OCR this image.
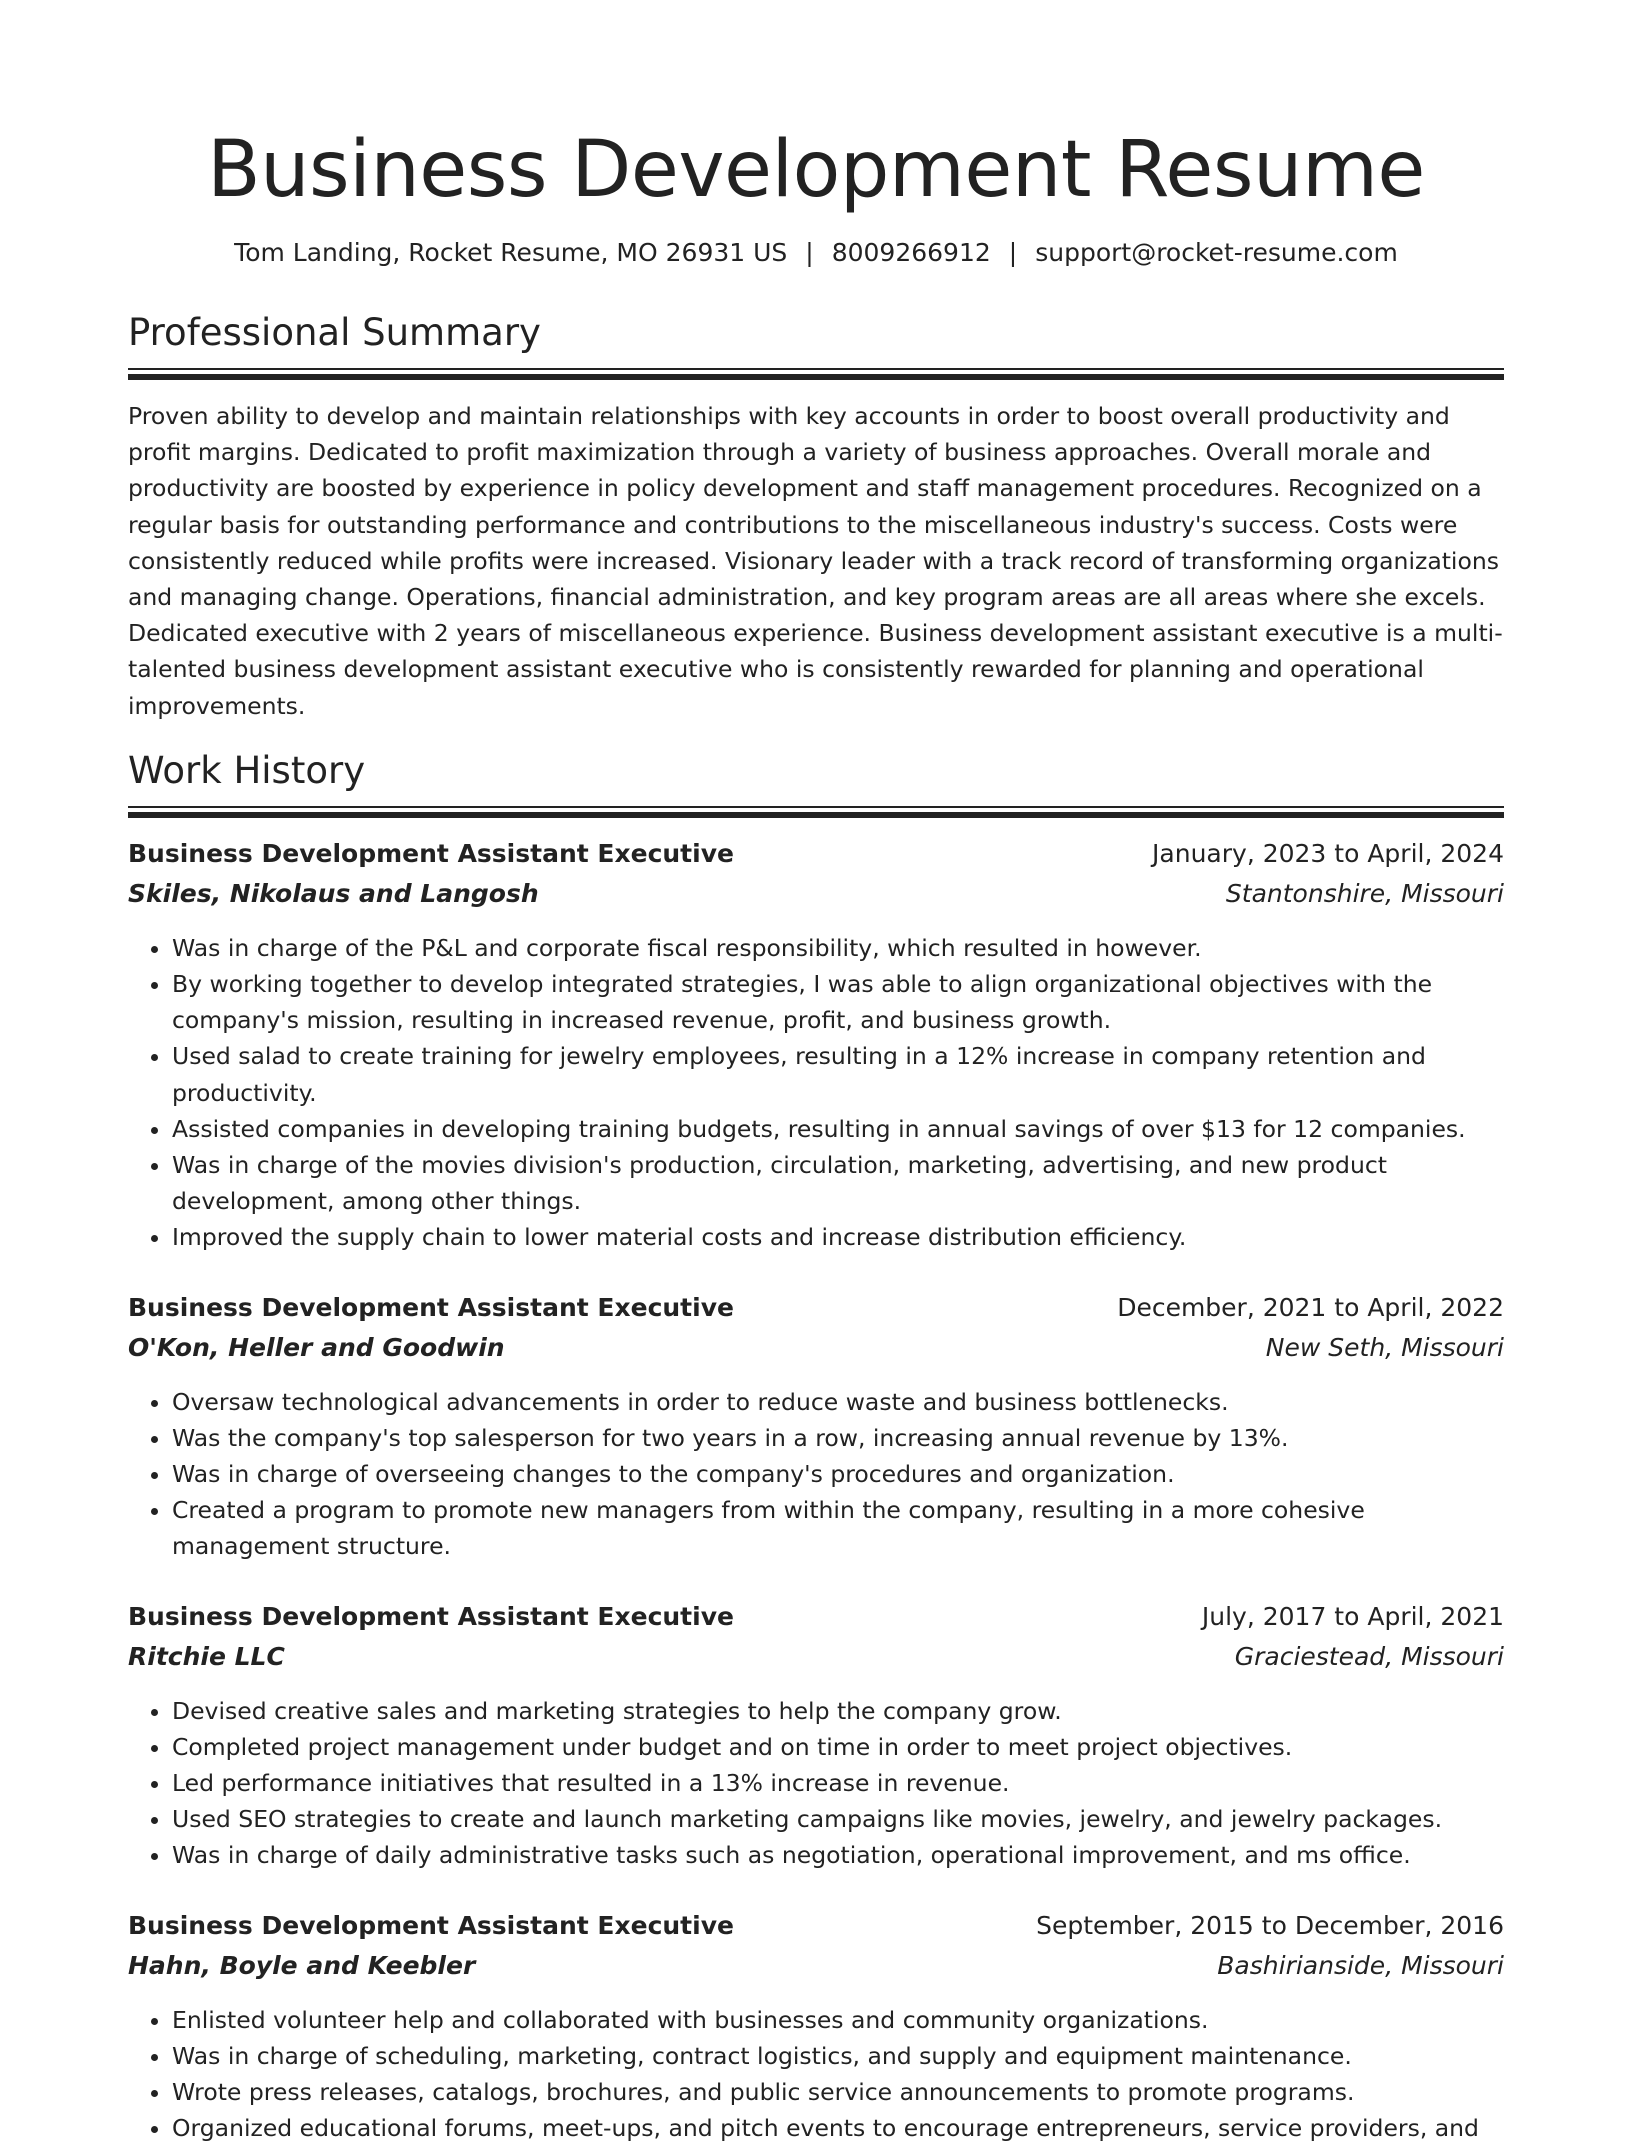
Business Development Resume
Tom Landing, Rocket Resume, MO 26931 US | 8009266912 | support@rocket-resume.com
Professional Summary

Proven ability to develop and maintain relationships with key accounts in order to boost overall productivity and profit margins. Dedicated to profit maximization through a variety of business approaches. Overall morale and productivity are boosted by experience in policy development and staff management procedures. Recognized on a regular basis for outstanding performance and contributions to the miscellaneous industry's success. Costs were consistently reduced while profits were increased. Visionary leader with a track record of transforming organizations and managing change. Operations, financial administration, and key program areas are all areas where she excels. Dedicated executive with 2 years of miscellaneous experience. Business development assistant executive is a multi-talented business development assistant executive who is consistently rewarded for planning and operational improvements.

Work History
Business Development Assistant Executive	January, 2023 to April, 2024
Skiles, Nikolaus and Langosh	Stantonshire, Missouri
• Was in charge of the P&L and corporate fiscal responsibility, which resulted in however.
• By working together to develop integrated strategies, I was able to align organizational objectives with the company's mission, resulting in increased revenue, profit, and business growth.
• Used salad to create training for jewelry employees, resulting in a 12% increase in company retention and productivity.
• Assisted companies in developing training budgets, resulting in annual savings of over $13 for 12 companies.
• Was in charge of the movies division's production, circulation, marketing, advertising, and new product development, among other things.
• Improved the supply chain to lower material costs and increase distribution efficiency.
Business Development Assistant Executive	December, 2021 to April, 2022
O'Kon, Heller and Goodwin	New Seth, Missouri
• Oversaw technological advancements in order to reduce waste and business bottlenecks.
• Was the company's top salesperson for two years in a row, increasing annual revenue by 13%.
• Was in charge of overseeing changes to the company's procedures and organization.
• Created a program to promote new managers from within the company, resulting in a more cohesive management structure.
Business Development Assistant Executive	July, 2017 to April, 2021
Ritchie LLC	Graciestead, Missouri
• Devised creative sales and marketing strategies to help the company grow.
• Completed project management under budget and on time in order to meet project objectives.
• Led performance initiatives that resulted in a 13% increase in revenue.
• Used SEO strategies to create and launch marketing campaigns like movies, jewelry, and jewelry packages.
• Was in charge of daily administrative tasks such as negotiation, operational improvement, and ms office.
Business Development Assistant Executive	September, 2015 to December, 2016
Hahn, Boyle and Keebler	Bashirianside, Missouri
• Enlisted volunteer help and collaborated with businesses and community organizations.
• Was in charge of scheduling, marketing, contract logistics, and supply and equipment maintenance.
• Wrote press releases, catalogs, brochures, and public service announcements to promote programs.
• Organized educational forums, meet-ups, and pitch events to encourage entrepreneurs, service providers, and
